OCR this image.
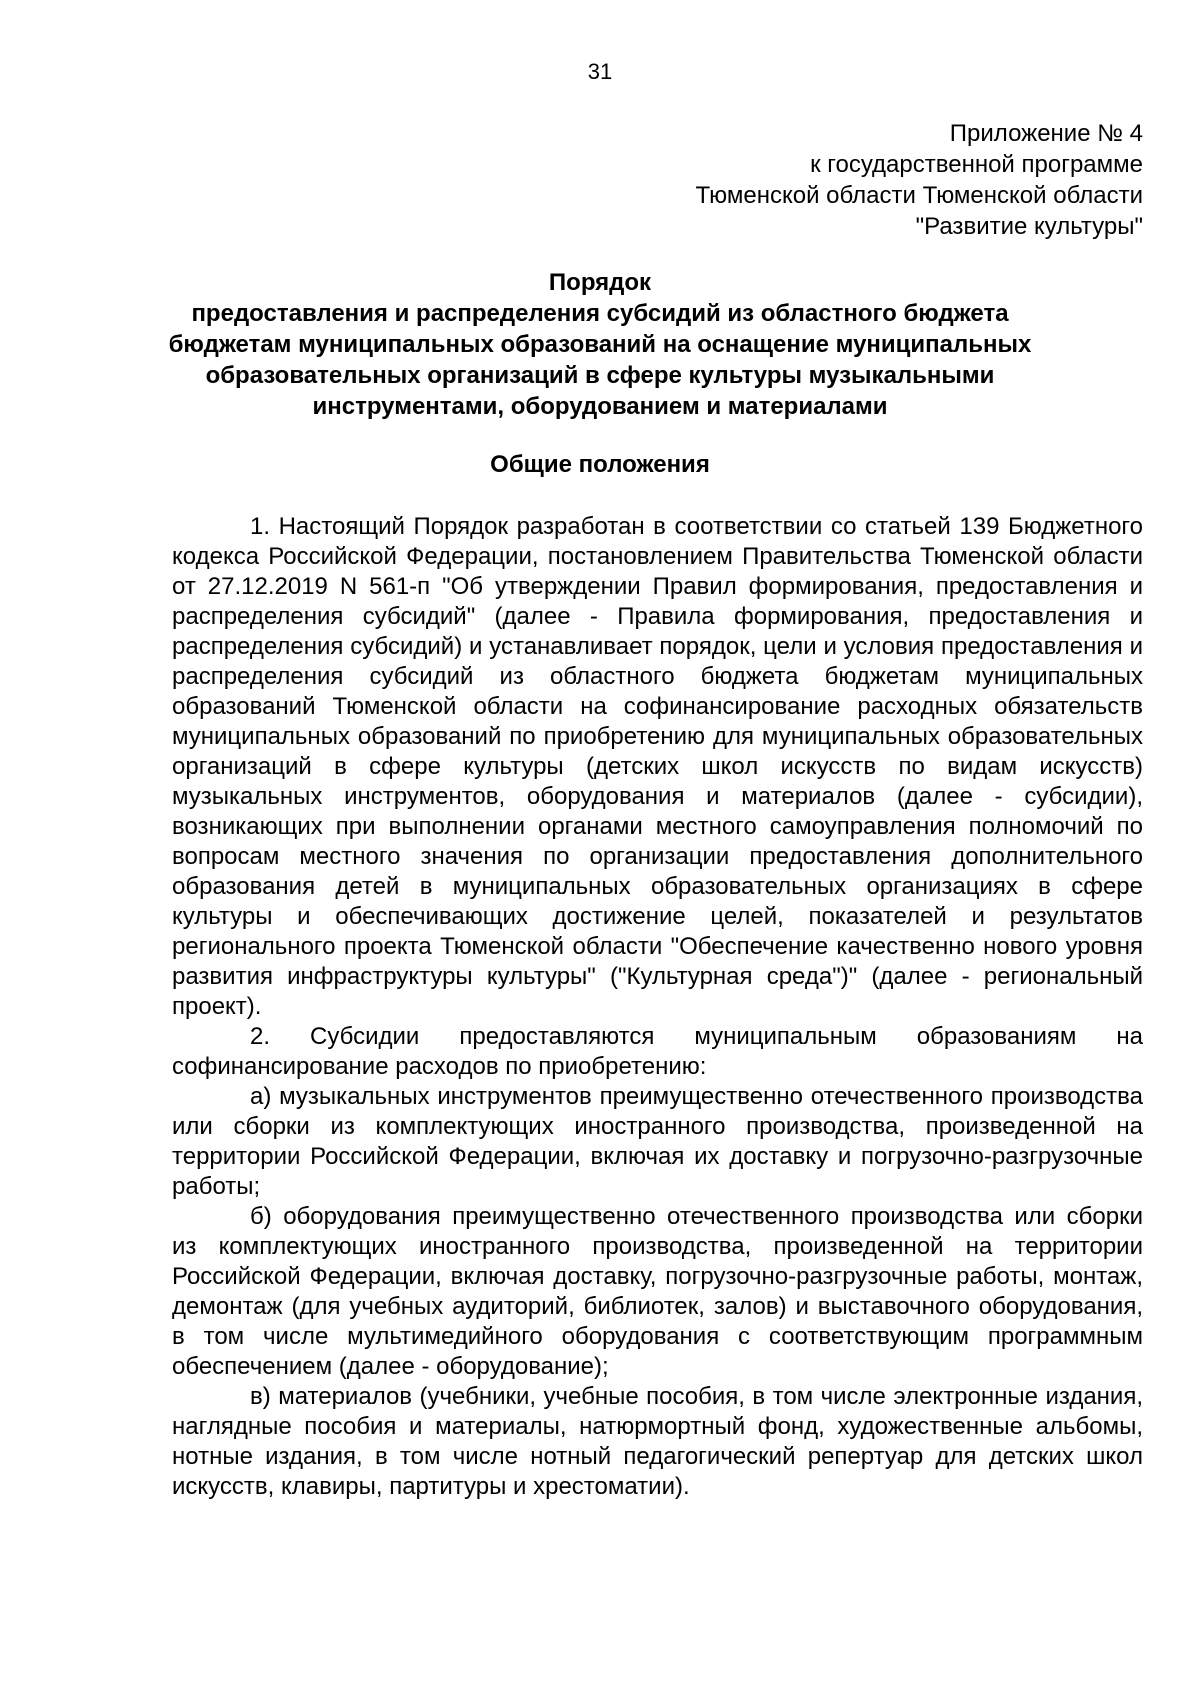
31
Приложение № 4
к государственной программе
Тюменской области Тюменской области
"Развитие культуры"
Порядок
предоставления и распределения субсидий из областного бюджета
бюджетам муниципальных образований на оснащение муниципальных
образовательных организаций в сфере культуры музыкальными
инструментами, оборудованием и материалами
Общие положения

1. Настоящий Порядок разработан в соответствии со статьей 139 Бюджетного кодекса Российской Федерации, постановлением Правительства Тюменской области от 27.12.2019 N 561-п "Об утверждении Правил формирования, предоставления и распределения субсидий" (далее - Правила формирования, предоставления и распределения субсидий) и устанавливает порядок, цели и условия предоставления и распределения субсидий из областного бюджета бюджетам муниципальных образований Тюменской области на софинансирование расходных обязательств муниципальных образований по приобретению для муниципальных образовательных организаций в сфере культуры (детских школ искусств по видам искусств) музыкальных инструментов, оборудования и материалов (далее - субсидии), возникающих при выполнении органами местного самоуправления полномочий по вопросам местного значения по организации предоставления дополнительного образования детей в муниципальных образовательных организациях в сфере культуры и обеспечивающих достижение целей, показателей и результатов регионального проекта Тюменской области "Обеспечение качественно нового уровня развития инфраструктуры культуры" ("Культурная среда")" (далее - региональный проект).

2. Субсидии предоставляются муниципальным образованиям на софинансирование расходов по приобретению:

а) музыкальных инструментов преимущественно отечественного производства или сборки из комплектующих иностранного производства, произведенной на территории Российской Федерации, включая их доставку и погрузочно-разгрузочные работы;

б) оборудования преимущественно отечественного производства или сборки из комплектующих иностранного производства, произведенной на территории Российской Федерации, включая доставку, погрузочно-разгрузочные работы, монтаж, демонтаж (для учебных аудиторий, библиотек, залов) и выставочного оборудования, в том числе мультимедийного оборудования с соответствующим программным обеспечением (далее - оборудование);

в) материалов (учебники, учебные пособия, в том числе электронные издания, наглядные пособия и материалы, натюрмортный фонд, художественные альбомы, нотные издания, в том числе нотный педагогический репертуар для детских школ искусств, клавиры, партитуры и хрестоматии).
